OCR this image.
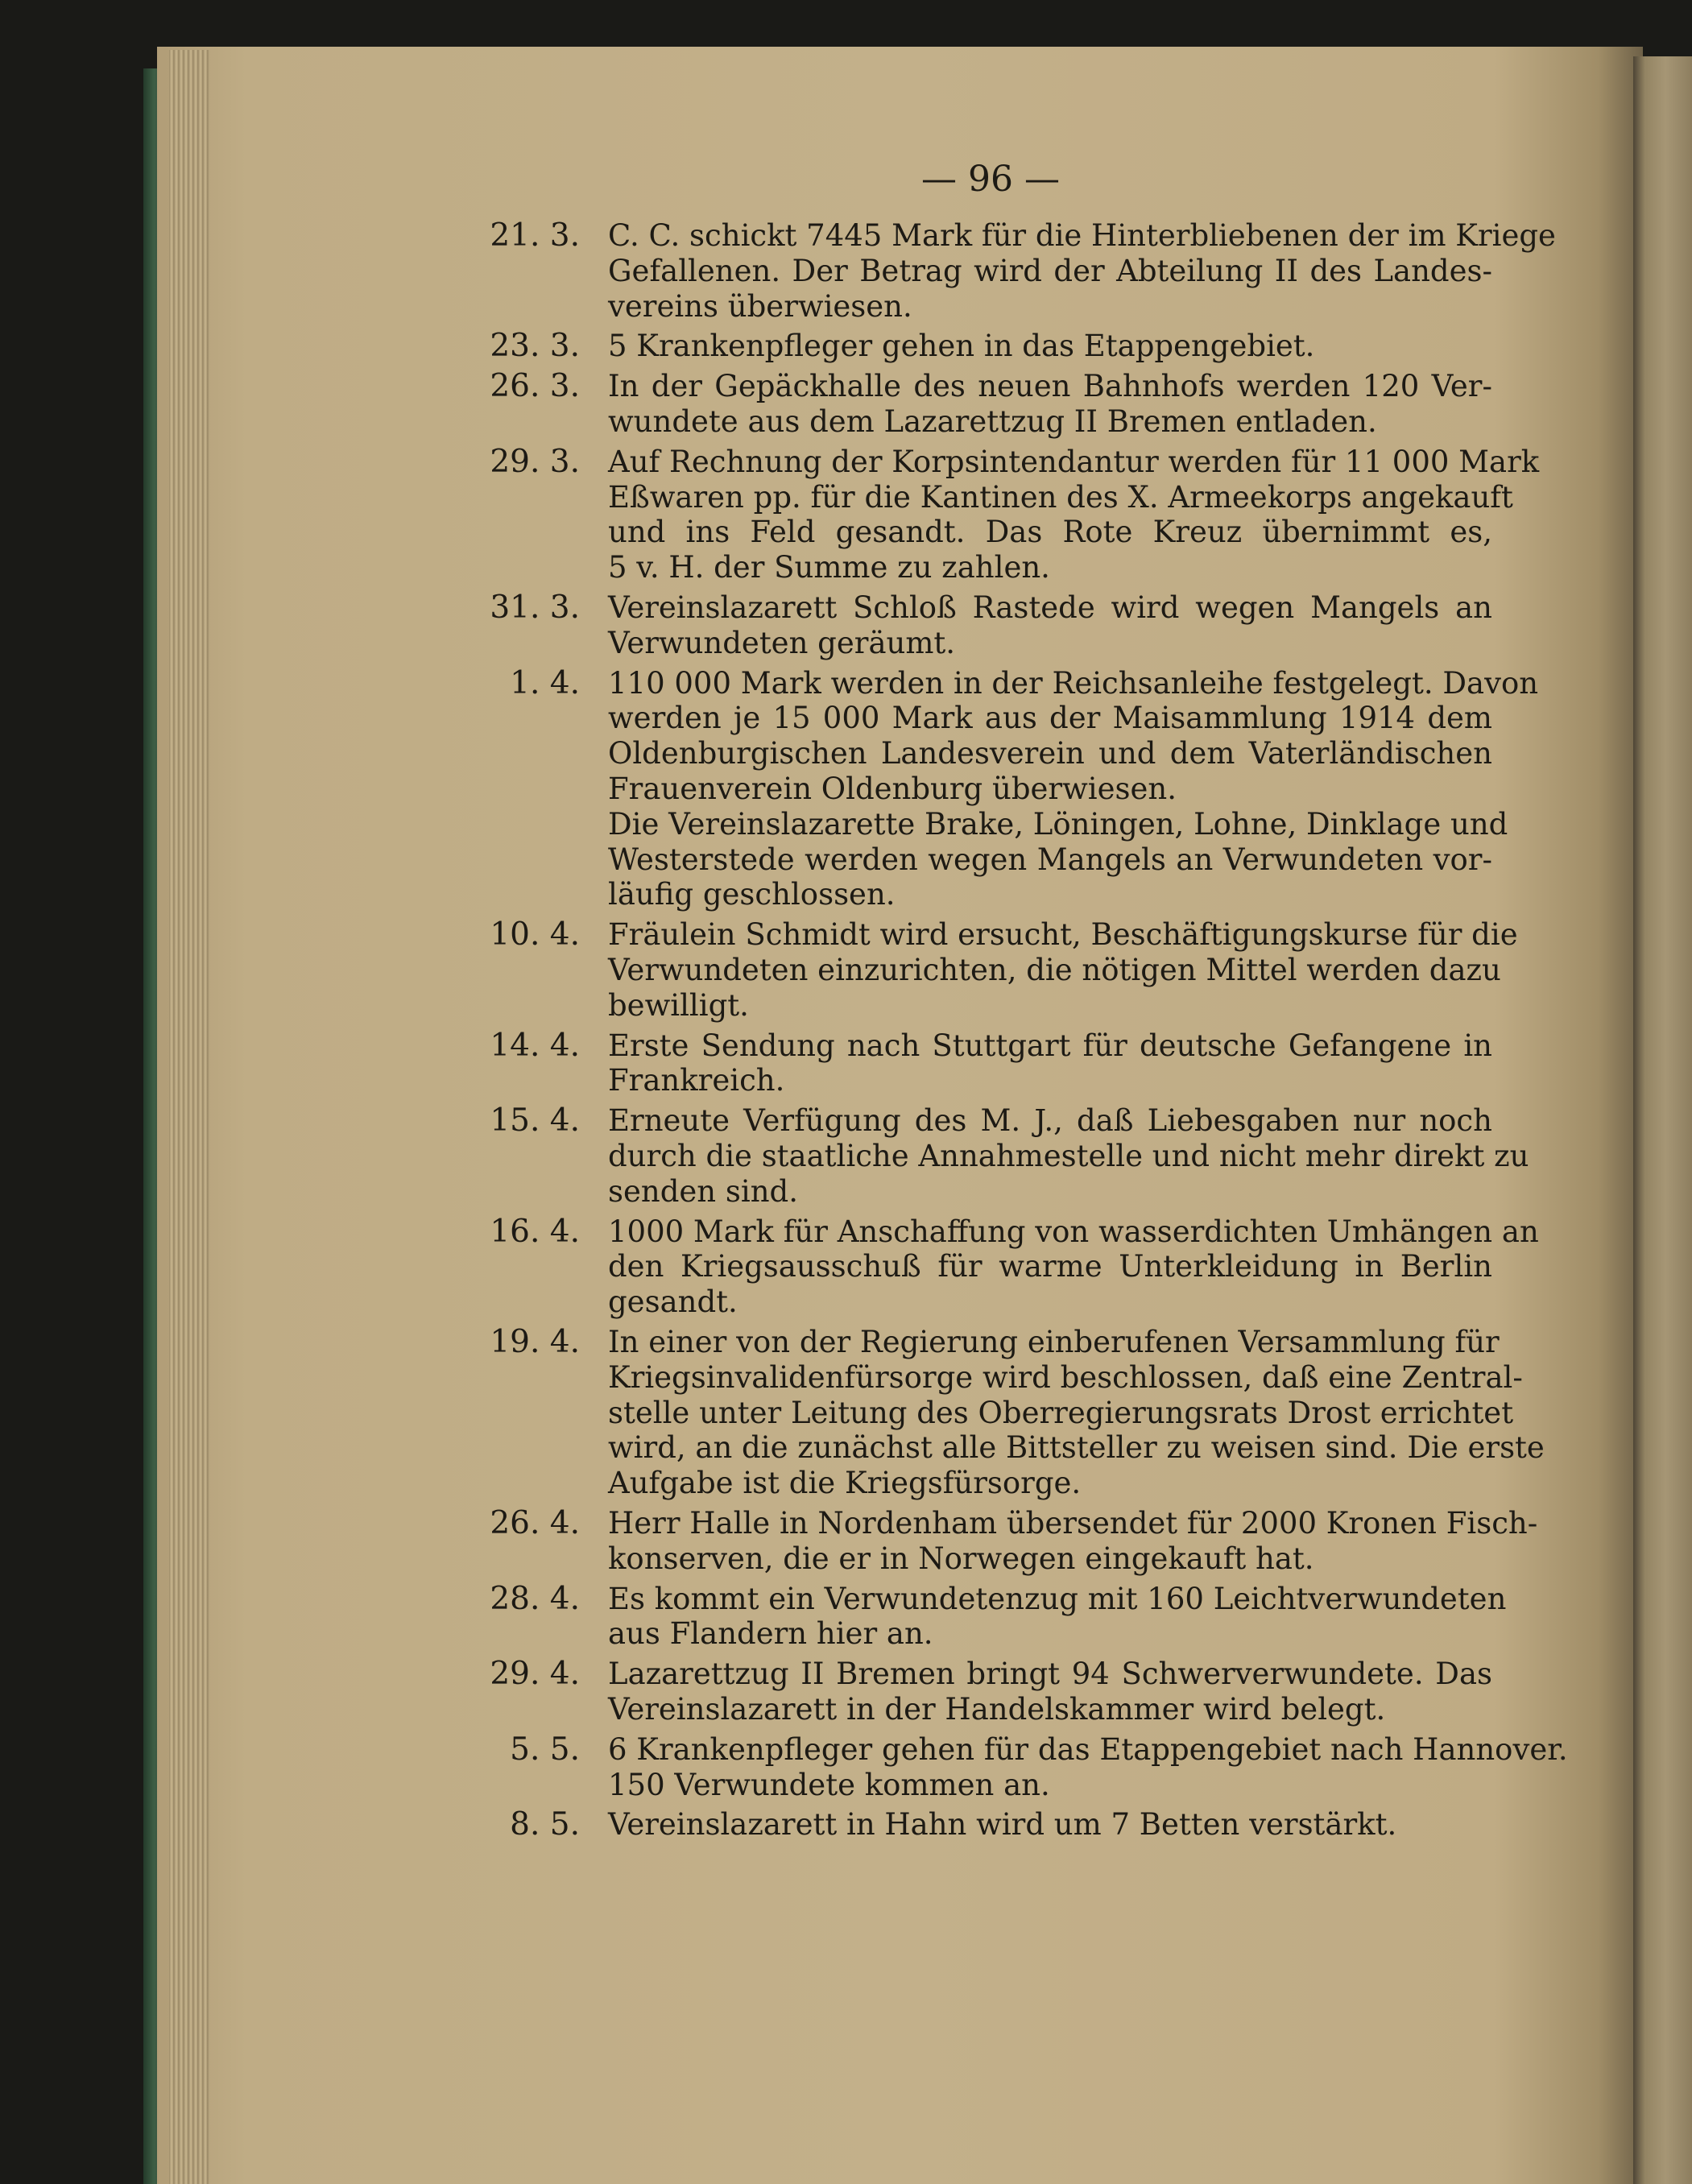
— 96 —
21. 3. C. C. schickt 7445 Mark für die Hinterbliebenen der im Kriege
Gefallenen. Der Betrag wird der Abteilung II des Landes-
vereins überwiesen.
23. 3. 5 Krankenpfleger gehen in das Etappengebiet.
26. 3. In der Gepäckhalle des neuen Bahnhofs werden 120 Ver-
wundete aus dem Lazarettzug II Bremen entladen.
29. 3. Auf Rechnung der Korpsintendantur werden für 11 000 Mark
Eßwaren pp. für die Kantinen des X. Armeekorps angekauft
und ins Feld gesandt. Das Rote Kreuz übernimmt es,
5 v. H. der Summe zu zahlen.
31. 3. Vereinslazarett Schloß Rastede wird wegen Mangels an
Verwundeten geräumt.
1. 4. 110 000 Mark werden in der Reichsanleihe festgelegt. Davon
werden je 15 000 Mark aus der Maisammlung 1914 dem
Oldenburgischen Landesverein und dem Vaterländischen
Frauenverein Oldenburg überwiesen.
Die Vereinslazarette Brake, Löningen, Lohne, Dinklage und
Westerstede werden wegen Mangels an Verwundeten vor-
läufig geschlossen.
10. 4. Fräulein Schmidt wird ersucht, Beschäftigungskurse für die
Verwundeten einzurichten, die nötigen Mittel werden dazu
bewilligt.
14. 4. Erste Sendung nach Stuttgart für deutsche Gefangene in
Frankreich.
15. 4. Erneute Verfügung des M. J., daß Liebesgaben nur noch
durch die staatliche Annahmestelle und nicht mehr direkt zu
senden sind.
16. 4. 1000 Mark für Anschaffung von wasserdichten Umhängen an
den Kriegsausschuß für warme Unterkleidung in Berlin
gesandt.
19. 4. In einer von der Regierung einberufenen Versammlung für
Kriegsinvalidenfürsorge wird beschlossen, daß eine Zentral-
stelle unter Leitung des Oberregierungsrats Drost errichtet
wird, an die zunächst alle Bittsteller zu weisen sind. Die erste
Aufgabe ist die Kriegsfürsorge.
26. 4. Herr Halle in Nordenham übersendet für 2000 Kronen Fisch-
konserven, die er in Norwegen eingekauft hat.
28. 4. Es kommt ein Verwundetenzug mit 160 Leichtverwundeten
aus Flandern hier an.
29. 4. Lazarettzug II Bremen bringt 94 Schwerverwundete. Das
Vereinslazarett in der Handelskammer wird belegt.
5. 5. 6 Krankenpfleger gehen für das Etappengebiet nach Hannover.
150 Verwundete kommen an.
8. 5. Vereinslazarett in Hahn wird um 7 Betten verstärkt.
